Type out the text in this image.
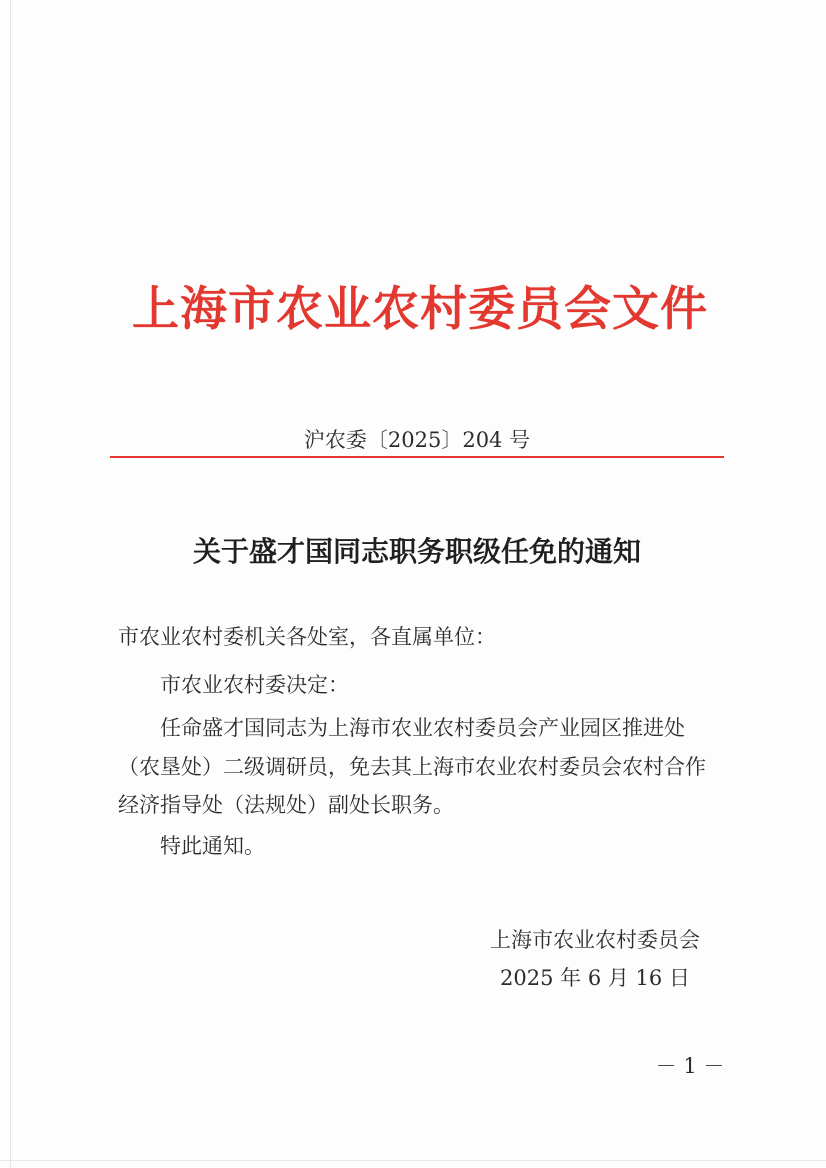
上海市农业农村委员会文件
沪农委〔2025〕204 号
关于盛才国同志职务职级任免的通知
市农业农村委机关各处室，各直属单位：
市农业农村委决定：
任命盛才国同志为上海市农业农村委员会产业园区推进处
（农垦处）二级调研员，免去其上海市农业农村委员会农村合作
经济指导处（法规处）副处长职务。
特此通知。
上海市农业农村委员会
2025 年 6 月 16 日
－ 1 －
